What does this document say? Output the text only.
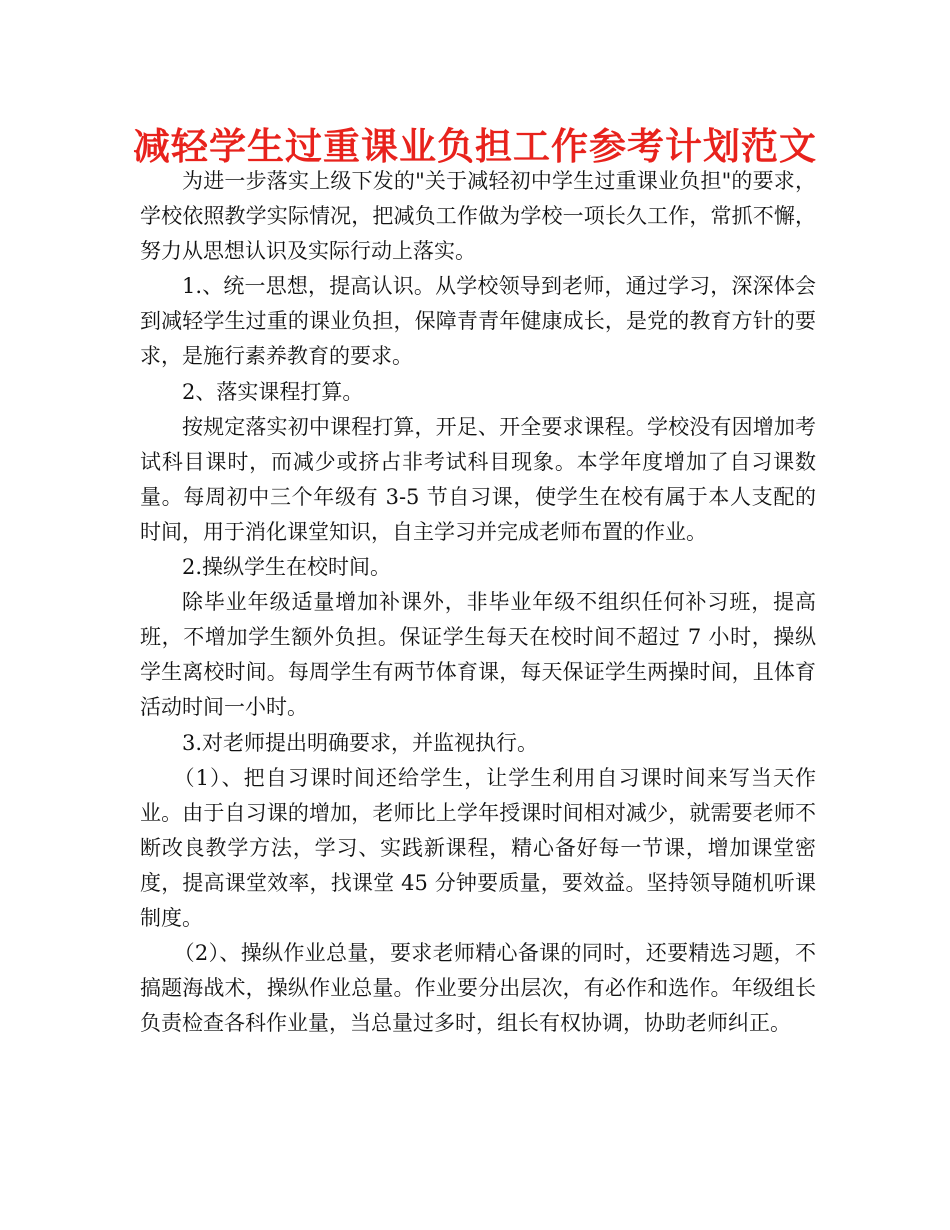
减轻学生过重课业负担工作参考计划范文

为进一步落实上级下发的"关于减轻初中学生过重课业负担"的要求，学校依照教学实际情况，把减负工作做为学校一项长久工作，常抓不懈，努力从思想认识及实际行动上落实。

1.、统一思想，提高认识。从学校领导到老师，通过学习，深深体会到减轻学生过重的课业负担，保障青青年健康成长，是党的教育方针的要求，是施行素养教育的要求。

2、落实课程打算。

按规定落实初中课程打算，开足、开全要求课程。学校没有因增加考试科目课时，而减少或挤占非考试科目现象。本学年度增加了自习课数量。每周初中三个年级有 3-5 节自习课，使学生在校有属于本人支配的时间，用于消化课堂知识，自主学习并完成老师布置的作业。

2.操纵学生在校时间。

除毕业年级适量增加补课外，非毕业年级不组织任何补习班，提高班，不增加学生额外负担。保证学生每天在校时间不超过 7 小时，操纵学生离校时间。每周学生有两节体育课，每天保证学生两操时间，且体育活动时间一小时。

3.对老师提出明确要求，并监视执行。

（1）、把自习课时间还给学生，让学生利用自习课时间来写当天作业。由于自习课的增加，老师比上学年授课时间相对减少，就需要老师不断改良教学方法，学习、实践新课程，精心备好每一节课，增加课堂密度，提高课堂效率，找课堂 45 分钟要质量，要效益。坚持领导随机听课制度。

（2）、操纵作业总量，要求老师精心备课的同时，还要精选习题，不搞题海战术，操纵作业总量。作业要分出层次，有必作和选作。年级组长负责检查各科作业量，当总量过多时，组长有权协调，协助老师纠正。
